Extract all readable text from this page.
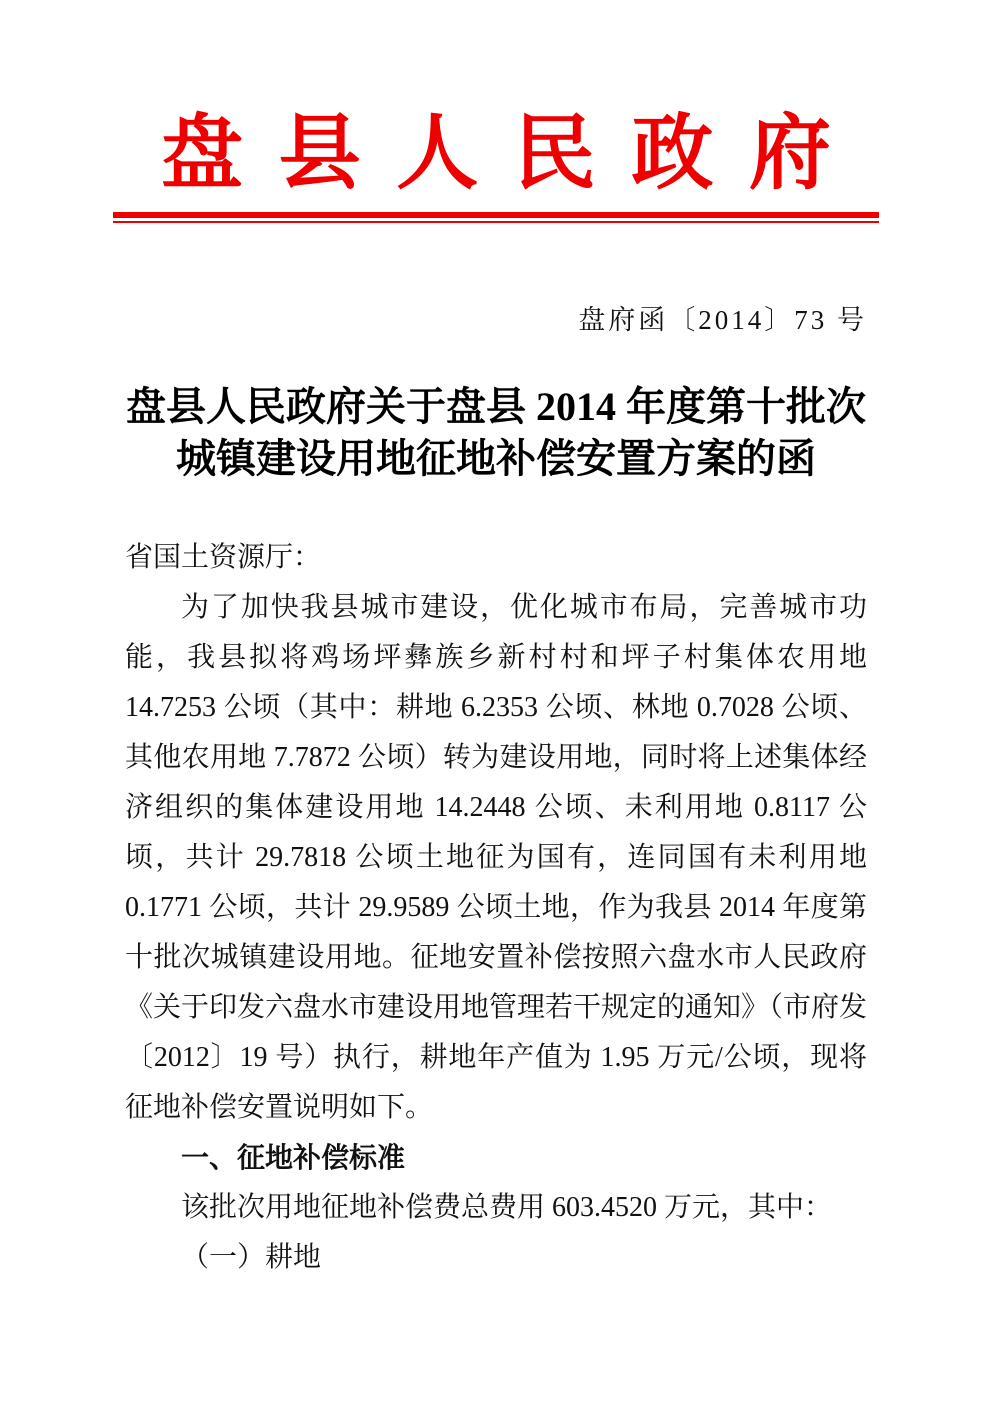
盘 县 人 民 政 府
盘府函〔2014〕73 号
盘县人民政府关于盘县 2014 年度第十批次
城镇建设用地征地补偿安置方案的函

省国土资源厅：

为了加快我县城市建设，优化城市布局，完善城市功能，我县拟将鸡场坪彝族乡新村村和坪子村集体农用地 14.7253 公顷（其中：耕地 6.2353 公顷、林地 0.7028 公顷、其他农用地 7.7872 公顷）转为建设用地，同时将上述集体经济组织的集体建设用地 14.2448 公顷、未利用地 0.8117 公顷，共计 29.7818 公顷土地征为国有，连同国有未利用地 0.1771 公顷，共计 29.9589 公顷土地，作为我县 2014 年度第十批次城镇建设用地。征地安置补偿按照六盘水市人民政府《关于印发六盘水市建设用地管理若干规定的通知》（市府发〔2012〕19 号）执行，耕地年产值为 1.95 万元/公顷，现将征地补偿安置说明如下。

一、征地补偿标准

该批次用地征地补偿费总费用 603.4520 万元，其中：

（一）耕地
